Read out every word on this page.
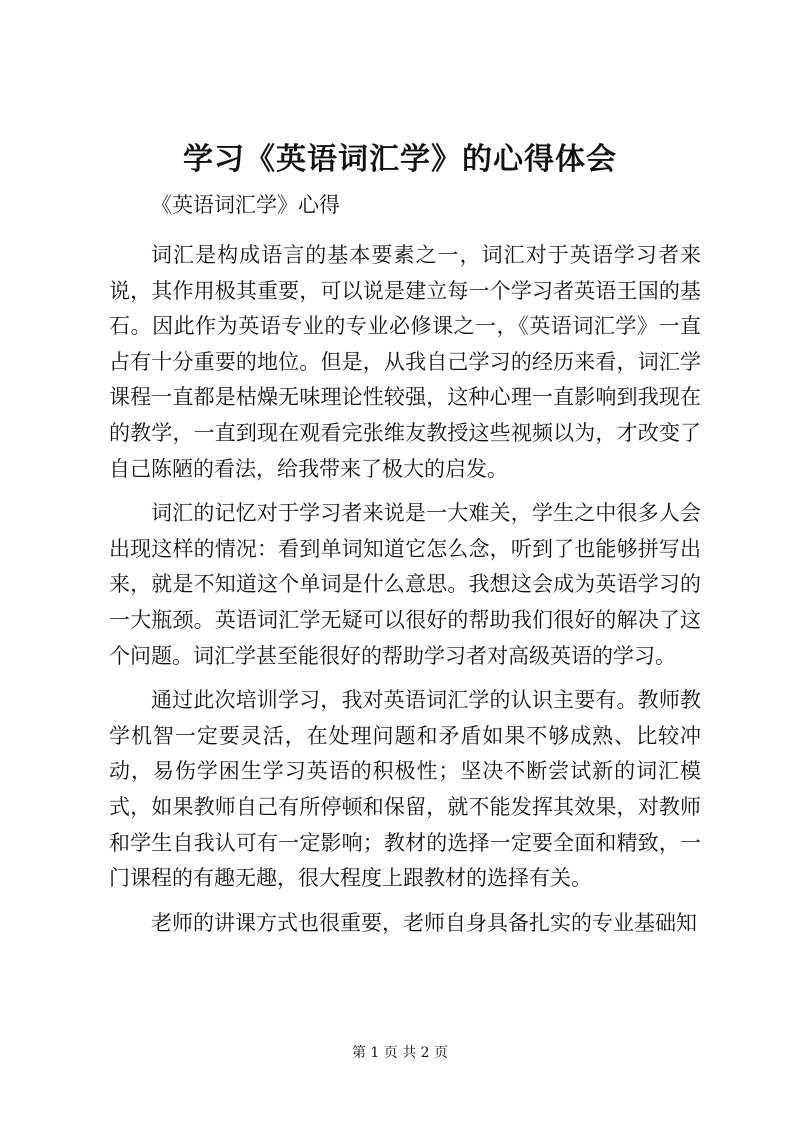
学习《英语词汇学》的心得体会

《英语词汇学》心得

词汇是构成语言的基本要素之一，词汇对于英语学习者来说，其作用极其重要，可以说是建立每一个学习者英语王国的基石。因此作为英语专业的专业必修课之一，《英语词汇学》一直占有十分重要的地位。但是，从我自己学习的经历来看，词汇学课程一直都是枯燥无味理论性较强，这种心理一直影响到我现在的教学，一直到现在观看完张维友教授这些视频以为，才改变了自己陈陋的看法，给我带来了极大的启发。

词汇的记忆对于学习者来说是一大难关，学生之中很多人会出现这样的情况：看到单词知道它怎么念，听到了也能够拼写出来，就是不知道这个单词是什么意思。我想这会成为英语学习的一大瓶颈。英语词汇学无疑可以很好的帮助我们很好的解决了这个问题。词汇学甚至能很好的帮助学习者对高级英语的学习。

通过此次培训学习，我对英语词汇学的认识主要有。教师教学机智一定要灵活，在处理问题和矛盾如果不够成熟、比较冲动，易伤学困生学习英语的积极性；坚决不断尝试新的词汇模式，如果教师自己有所停顿和保留，就不能发挥其效果，对教师和学生自我认可有一定影响；教材的选择一定要全面和精致，一门课程的有趣无趣，很大程度上跟教材的选择有关。

老师的讲课方式也很重要，老师自身具备扎实的专业基础知

第 1 页 共 2 页
